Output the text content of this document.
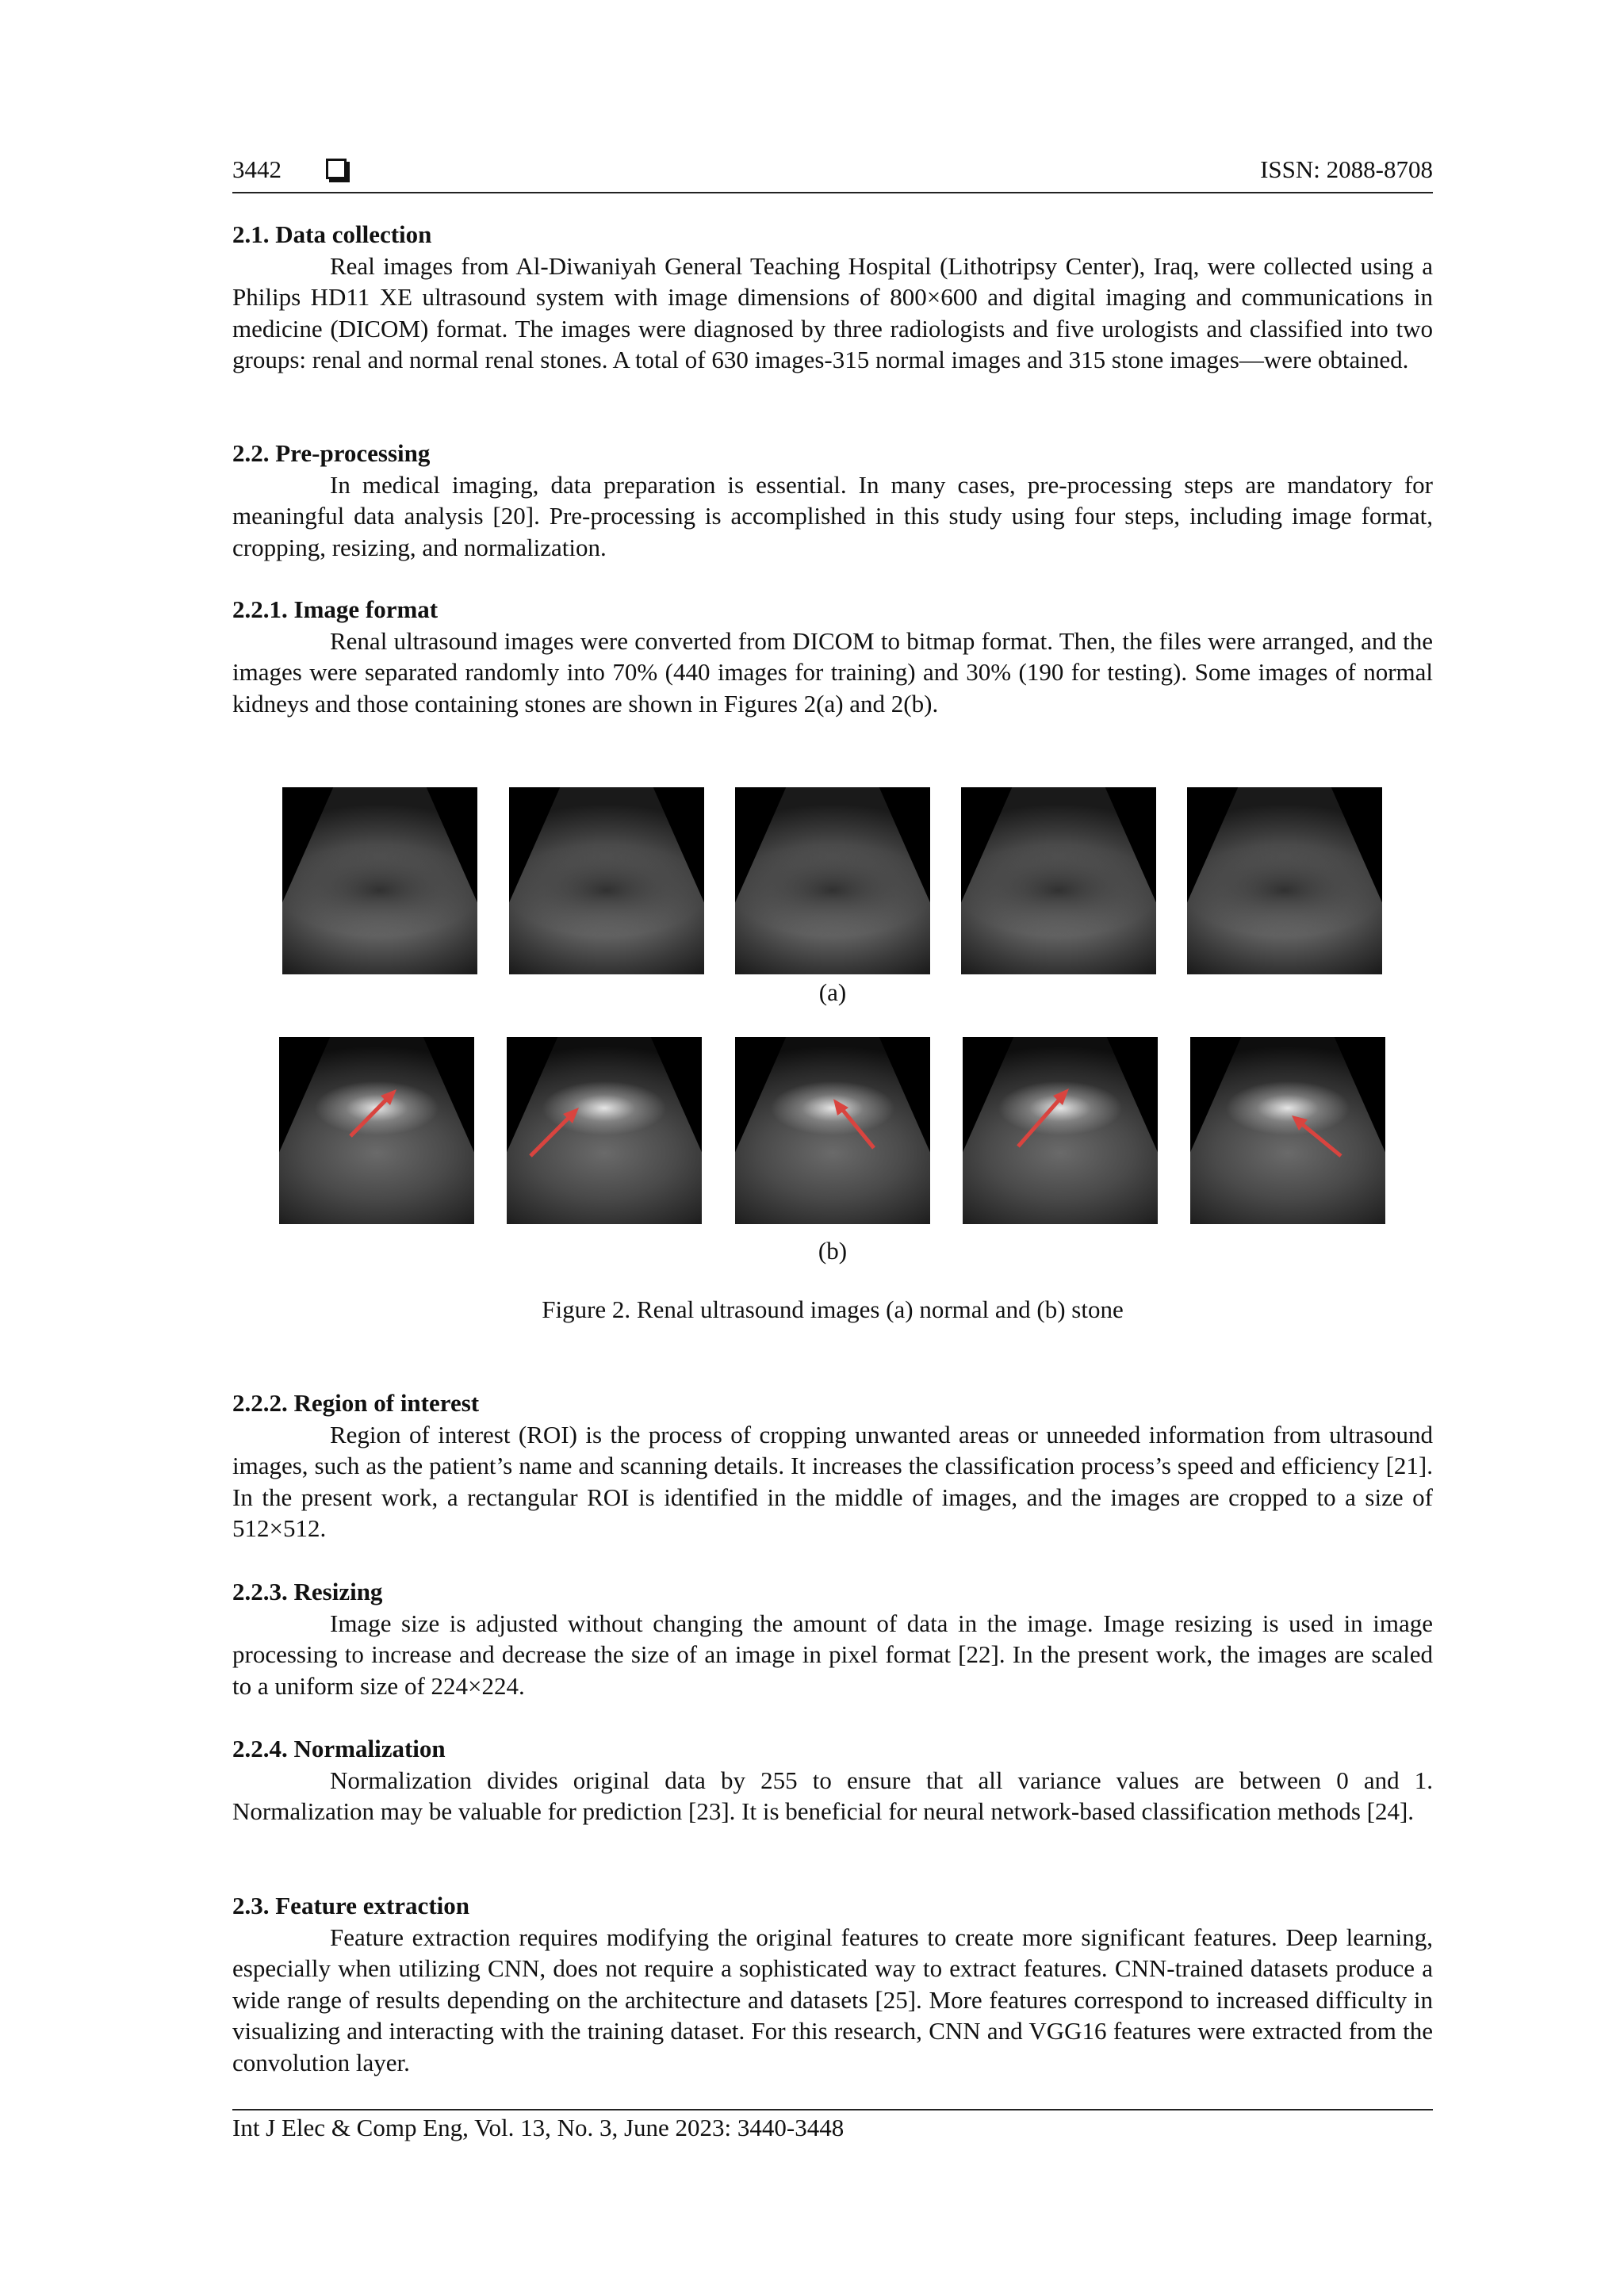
3442	ISSN: 2088-8708
2.1. Data collection

Real images from Al-Diwaniyah General Teaching Hospital (Lithotripsy Center), Iraq, were collected using a Philips HD11 XE ultrasound system with image dimensions of 800×600 and digital imaging and communications in medicine (DICOM) format. The images were diagnosed by three radiologists and five urologists and classified into two groups: renal and normal renal stones. A total of 630 images-315 normal images and 315 stone images—were obtained.

2.2. Pre-processing

In medical imaging, data preparation is essential. In many cases, pre-processing steps are mandatory for meaningful data analysis [20]. Pre-processing is accomplished in this study using four steps, including image format, cropping, resizing, and normalization.

2.2.1. Image format

Renal ultrasound images were converted from DICOM to bitmap format. Then, the files were arranged, and the images were separated randomly into 70% (440 images for training) and 30% (190 for testing). Some images of normal kidneys and those containing stones are shown in Figures 2(a) and 2(b).

(a)
(b)
Figure 2. Renal ultrasound images (a) normal and (b) stone
2.2.2. Region of interest

Region of interest (ROI) is the process of cropping unwanted areas or unneeded information from ultrasound images, such as the patient’s name and scanning details. It increases the classification process’s speed and efficiency [21]. In the present work, a rectangular ROI is identified in the middle of images, and the images are cropped to a size of 512×512.

2.2.3. Resizing

Image size is adjusted without changing the amount of data in the image. Image resizing is used in image processing to increase and decrease the size of an image in pixel format [22]. In the present work, the images are scaled to a uniform size of 224×224.

2.2.4. Normalization

Normalization divides original data by 255 to ensure that all variance values are between 0 and 1. Normalization may be valuable for prediction [23]. It is beneficial for neural network-based classification methods [24].

2.3. Feature extraction

Feature extraction requires modifying the original features to create more significant features. Deep learning, especially when utilizing CNN, does not require a sophisticated way to extract features. CNN-trained datasets produce a wide range of results depending on the architecture and datasets [25]. More features correspond to increased difficulty in visualizing and interacting with the training dataset. For this research, CNN and VGG16 features were extracted from the convolution layer.

Int J Elec & Comp Eng, Vol. 13, No. 3, June 2023: 3440-3448
